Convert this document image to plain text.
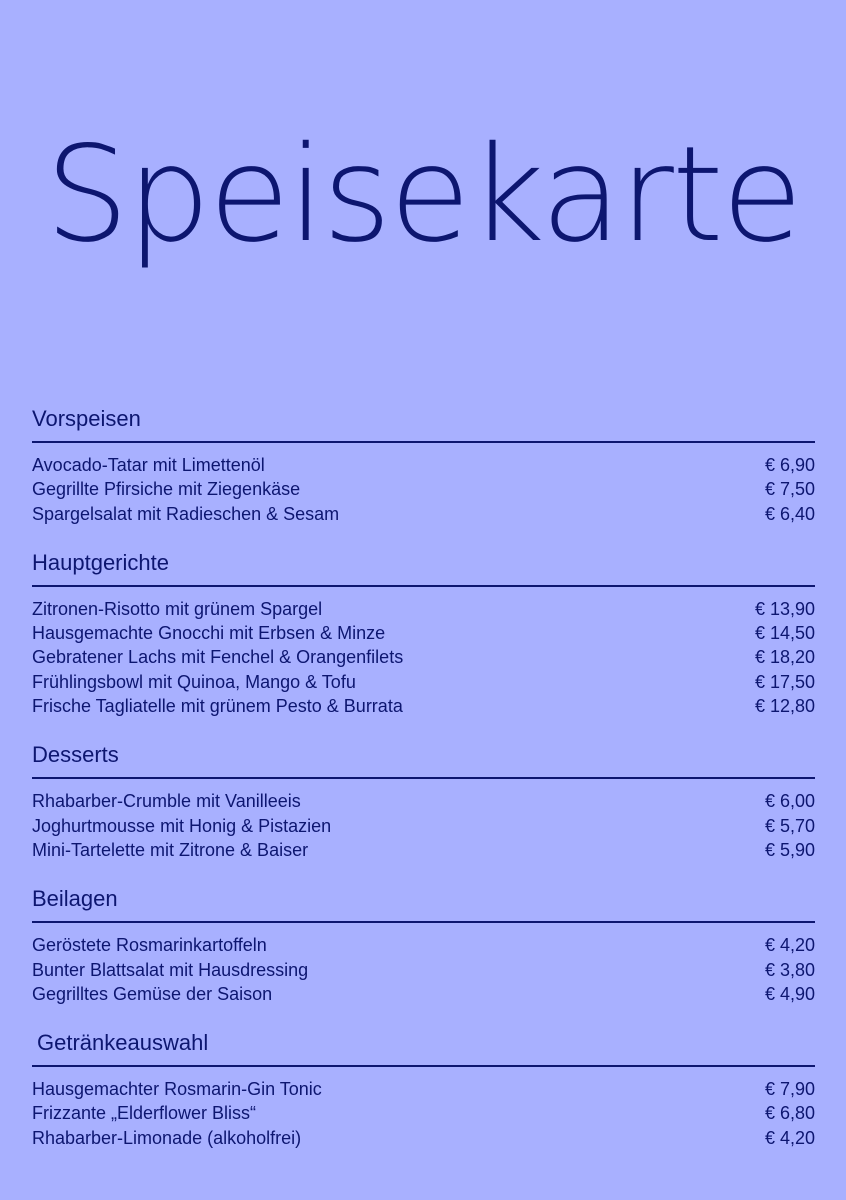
Speisekarte
Vorspeisen
Avocado-Tatar mit Limettenöl	€ 6,90
Gegrillte Pfirsiche mit Ziegenkäse	€ 7,50
Spargelsalat mit Radieschen & Sesam	€ 6,40
Hauptgerichte
Zitronen-Risotto mit grünem Spargel	€ 13,90
Hausgemachte Gnocchi mit Erbsen & Minze	€ 14,50
Gebratener Lachs mit Fenchel & Orangenfilets	€ 18,20
Frühlingsbowl mit Quinoa, Mango & Tofu	€ 17,50
Frische Tagliatelle mit grünem Pesto & Burrata	€ 12,80
Desserts
Rhabarber-Crumble mit Vanilleeis	€ 6,00
Joghurtmousse mit Honig & Pistazien	€ 5,70
Mini-Tartelette mit Zitrone & Baiser	€ 5,90
Beilagen
Geröstete Rosmarinkartoffeln	€ 4,20
Bunter Blattsalat mit Hausdressing	€ 3,80
Gegrilltes Gemüse der Saison	€ 4,90
Getränkeauswahl
Hausgemachter Rosmarin-Gin Tonic	€ 7,90
Frizzante „Elderflower Bliss“	€ 6,80
Rhabarber-Limonade (alkoholfrei)	€ 4,20
